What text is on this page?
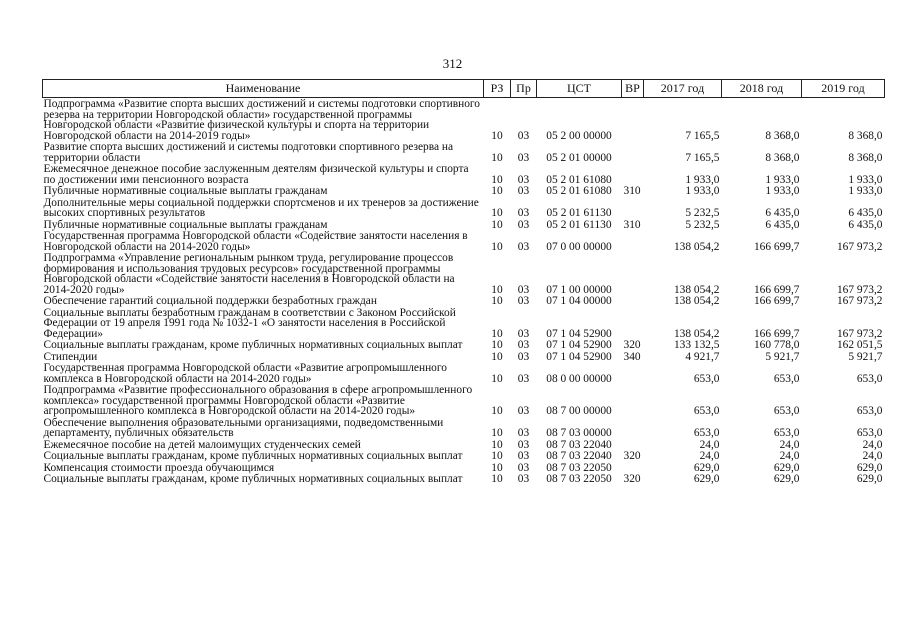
312
Наименование	РЗ	Пр	ЦСТ	ВР	2017 год	2018 год	2019 год
Подпрограмма «Развитие спорта высших достижений и системы подготовки спортивного резерва на территории Новгородской области» государственной программы Новгородской области «Развитие физической культуры и спорта на территории Новгородской области на 2014-2019 годы»	10	03	05 2 00 00000		7 165,5	8 368,0	8 368,0
Развитие спорта высших достижений и системы подготовки спортивного резерва на территории области	10	03	05 2 01 00000		7 165,5	8 368,0	8 368,0
Ежемесячное денежное пособие заслуженным деятелям физической культуры и спорта по достижении ими пенсионного возраста	10	03	05 2 01 61080		1 933,0	1 933,0	1 933,0
Публичные нормативные социальные выплаты гражданам	10	03	05 2 01 61080	310	1 933,0	1 933,0	1 933,0
Дополнительные меры социальной поддержки спортсменов и их тренеров за достижение высоких спортивных результатов	10	03	05 2 01 61130		5 232,5	6 435,0	6 435,0
Публичные нормативные социальные выплаты гражданам	10	03	05 2 01 61130	310	5 232,5	6 435,0	6 435,0
Государственная программа Новгородской области «Содействие занятости населения в Новгородской области на 2014-2020 годы»	10	03	07 0 00 00000		138 054,2	166 699,7	167 973,2
Подпрограмма «Управление региональным рынком труда, регулирование процессов формирования и использования трудовых ресурсов» государственной программы Новгородской области «Содействие занятости населения в Новгородской области на 2014-2020 годы»	10	03	07 1 00 00000		138 054,2	166 699,7	167 973,2
Обеспечение гарантий социальной поддержки безработных граждан	10	03	07 1 04 00000		138 054,2	166 699,7	167 973,2
Социальные выплаты безработным гражданам в соответствии с Законом Российской Федерации от 19 апреля 1991 года № 1032-1 «О занятости населения в Российской Федерации»	10	03	07 1 04 52900		138 054,2	166 699,7	167 973,2
Социальные выплаты гражданам, кроме публичных нормативных социальных выплат	10	03	07 1 04 52900	320	133 132,5	160 778,0	162 051,5
Стипендии	10	03	07 1 04 52900	340	4 921,7	5 921,7	5 921,7
Государственная программа Новгородской области «Развитие агропромышленного комплекса в Новгородской области на 2014-2020 годы»	10	03	08 0 00 00000		653,0	653,0	653,0
Подпрограмма «Развитие профессионального образования в сфере агропромышленного комплекса» государственной программы Новгородской области «Развитие агропромышленного комплекса в Новгородской области на 2014-2020 годы»	10	03	08 7 00 00000		653,0	653,0	653,0
Обеспечение выполнения образовательными организациями, подведомственными департаменту, публичных обязательств	10	03	08 7 03 00000		653,0	653,0	653,0
Ежемесячное пособие на детей малоимущих студенческих семей	10	03	08 7 03 22040		24,0	24,0	24,0
Социальные выплаты гражданам, кроме публичных нормативных социальных выплат	10	03	08 7 03 22040	320	24,0	24,0	24,0
Компенсация стоимости проезда обучающимся	10	03	08 7 03 22050		629,0	629,0	629,0
Социальные выплаты гражданам, кроме публичных нормативных социальных выплат	10	03	08 7 03 22050	320	629,0	629,0	629,0
